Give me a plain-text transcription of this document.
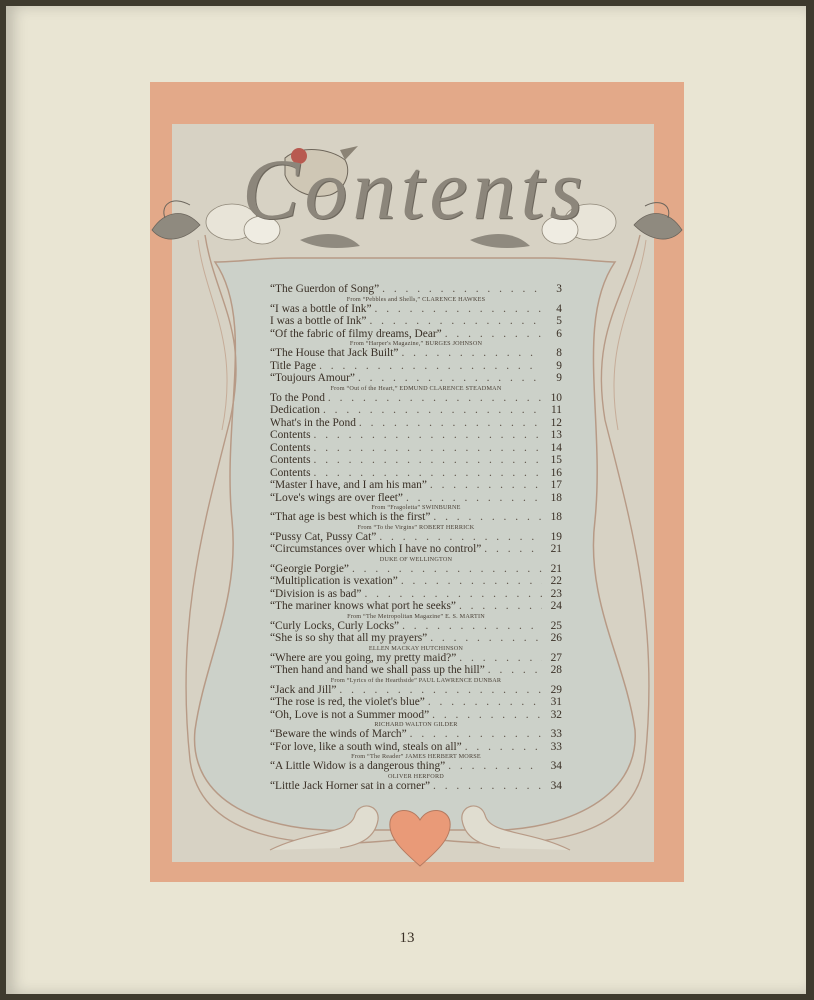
Contents
“The Guerdon of Song” . . .	3
From “Pebbles and Shells,” CLARENCE HAWKES
“I was a bottle of Ink” . . .	4
I was a bottle of Ink” . . .	5
“Of the fabric of filmy dreams, Dear” . . .	6
From “Harper's Magazine,” BURGES JOHNSON
“The House that Jack Built” . . .	8
Title Page . . .	9
“Toujours Amour” . . .	9
From “Out of the Heart,” EDMUND CLARENCE STEADMAN
To the Pond . . .	10
Dedication . . .	11
What's in the Pond . . .	12
Contents . . .	13
Contents . . .	14
Contents . . .	15
Contents . . .	16
“Master I have, and I am his man” . . .	17
“Love's wings are over fleet” . . .	18
From “Fragoletta” SWINBURNE
“That age is best which is the first” . . .	18
From “To the Virgins” ROBERT HERRICK
“Pussy Cat, Pussy Cat” . . .	19
“Circumstances over which I have no control” . . .	21
DUKE OF WELLINGTON
“Georgie Porgie” . . .	21
“Multiplication is vexation” . . .	22
“Division is as bad” . . .	23
“The mariner knows what port he seeks” . . .	24
From “The Metropolitan Magazine” E. S. MARTIN
“Curly Locks, Curly Locks” . . .	25
“She is so shy that all my prayers” . . .	26
ELLEN MACKAY HUTCHINSON
“Where are you going, my pretty maid?” . . .	27
“Then hand and hand we shall pass up the hill” . . .	28
From “Lyrics of the Hearthside” PAUL LAWRENCE DUNBAR
“Jack and Jill” . . .	29
“The rose is red, the violet's blue” . . .	31
“Oh, Love is not a Summer mood” . . .	32
RICHARD WALTON GILDER
“Beware the winds of March” . . .	33
“For love, like a south wind, steals on all” . . .	33
From “The Reader” JAMES HERBERT MORSE
“A Little Widow is a dangerous thing” . . .	34
OLIVER HERFORD
“Little Jack Horner sat in a corner” . . .	34
13
